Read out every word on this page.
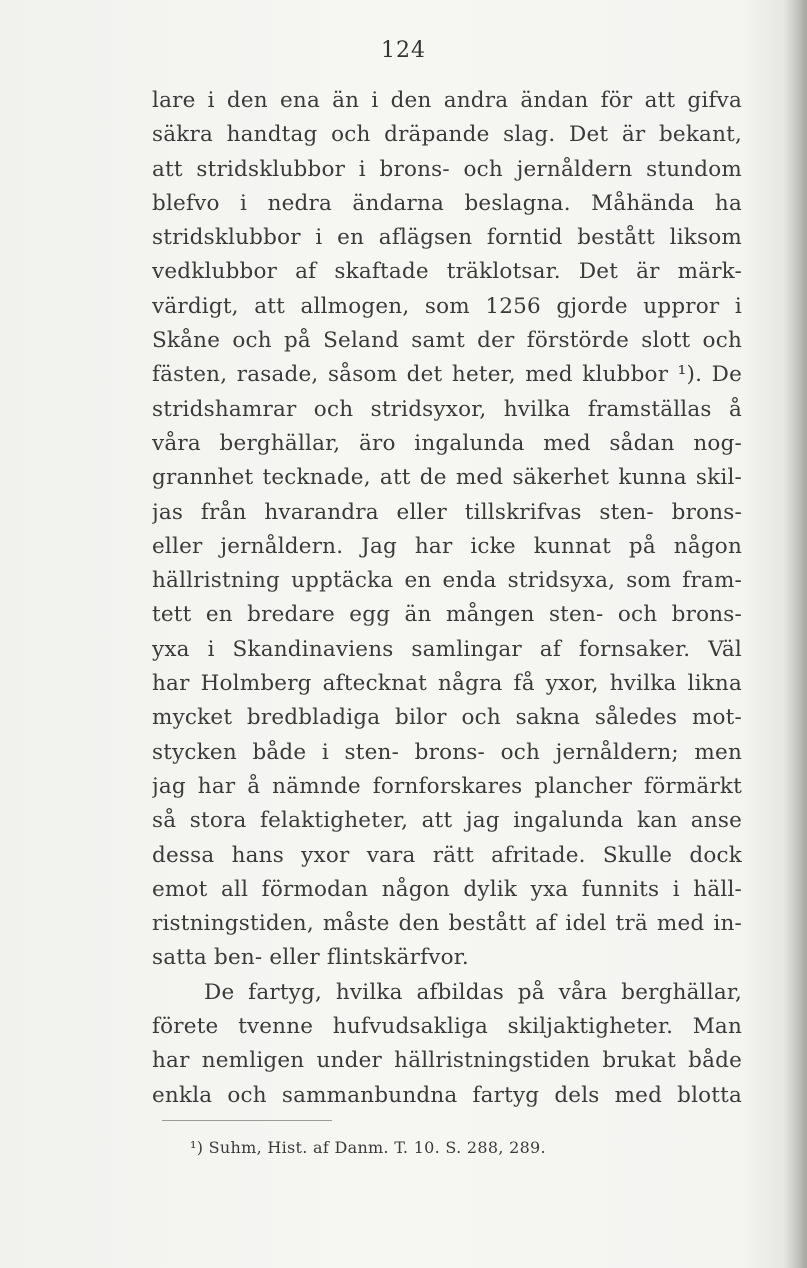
124
lare i den ena än i den andra ändan för att gifva
säkra handtag och dräpande slag. Det är bekant,
att stridsklubbor i brons- och jernåldern stundom
blefvo i nedra ändarna beslagna. Måhända ha
stridsklubbor i en aflägsen forntid bestått liksom
vedklubbor af skaftade träklotsar. Det är märk-
värdigt, att allmogen, som 1256 gjorde uppror i
Skåne och på Seland samt der förstörde slott och
fästen, rasade, såsom det heter, med klubbor ¹). De
stridshamrar och stridsyxor, hvilka framställas å
våra berghällar, äro ingalunda med sådan nog-
grannhet tecknade, att de med säkerhet kunna skil-
jas från hvarandra eller tillskrifvas sten- brons-
eller jernåldern. Jag har icke kunnat på någon
hällristning upptäcka en enda stridsyxa, som fram-
tett en bredare egg än mången sten- och brons-
yxa i Skandinaviens samlingar af fornsaker. Väl
har Holmberg aftecknat några få yxor, hvilka likna
mycket bredbladiga bilor och sakna således mot-
stycken både i sten- brons- och jernåldern; men
jag har å nämnde fornforskares plancher förmärkt
så stora felaktigheter, att jag ingalunda kan anse
dessa hans yxor vara rätt afritade. Skulle dock
emot all förmodan någon dylik yxa funnits i häll-
ristningstiden, måste den bestått af idel trä med in-
satta ben- eller flintskärfvor.
De fartyg, hvilka afbildas på våra berghällar,
förete tvenne hufvudsakliga skiljaktigheter. Man
har nemligen under hällristningstiden brukat både
enkla och sammanbundna fartyg dels med blotta
¹) Suhm, Hist. af Danm. T. 10. S. 288, 289.
